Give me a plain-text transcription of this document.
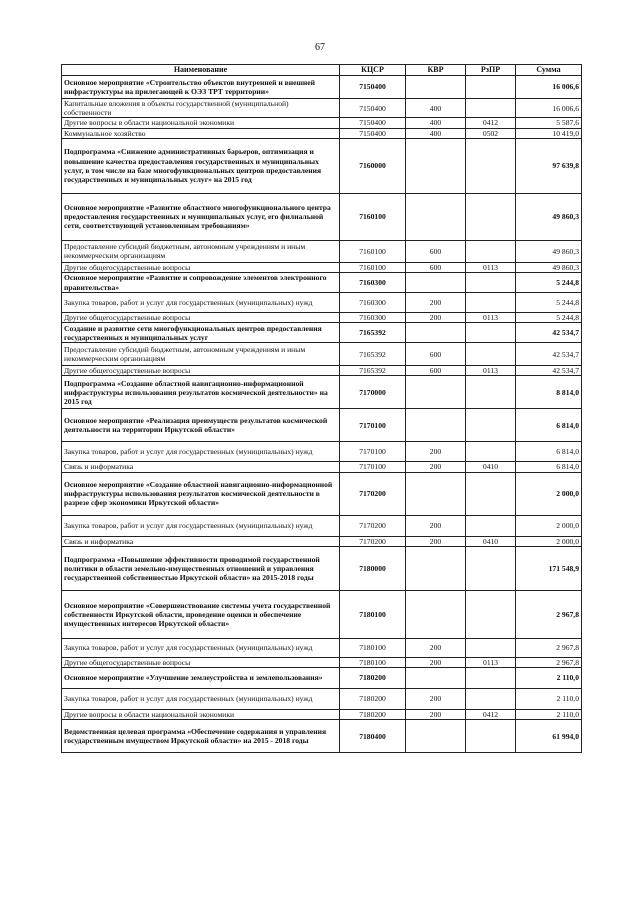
67
Наименование	КЦСР	КВР	РзПР	Сумма
Основное мероприятие «Строительство объектов внутренней и внешней инфраструктуры на прилегающей к ОЭЗ ТРТ территории»	7150400			16 006,6
Капитальные вложения в объекты государственной (муниципальной) собственности	7150400	400		16 006,6
Другие вопросы в области национальной экономики	7150400	400	0412	5 587,6
Коммунальное хозяйство	7150400	400	0502	10 419,0
Подпрограмма «Снижение административных барьеров, оптимизация и повышение качества предоставления государственных и муниципальных услуг, в том числе на базе многофункциональных центров предоставления государственных и муниципальных услуг» на 2015 год	7160000			97 639,8
Основное мероприятие «Развитие областного многофункционального центра предоставления государственных и муниципальных услуг, его филиальной сети, соответствующей установленным требованиям»	7160100			49 860,3
Предоставление субсидий бюджетным, автономным учреждениям и иным некоммерческим организациям	7160100	600		49 860,3
Другие общегосударственные вопросы	7160100	600	0113	49 860,3
Основное мероприятие «Развитие и сопровождение элементов электронного правительства»	7160300			5 244,8
Закупка товаров, работ и услуг для государственных (муниципальных) нужд	7160300	200		5 244,8
Другие общегосударственные вопросы	7160300	200	0113	5 244,8
Создание и развитие сети многофункциональных центров предоставления государственных и муниципальных услуг	7165392			42 534,7
Предоставление субсидий бюджетным, автономным учреждениям и иным некоммерческим организациям	7165392	600		42 534,7
Другие общегосударственные вопросы	7165392	600	0113	42 534,7
Подпрограмма «Создание областной навигационно-информационной инфраструктуры использования результатов космической деятельности» на 2015 год	7170000			8 814,0
Основное мероприятие «Реализация преимуществ результатов космической деятельности на территории Иркутской области»	7170100			6 814,0
Закупка товаров, работ и услуг для государственных (муниципальных) нужд	7170100	200		6 814,0
Связь и информатика	7170100	200	0410	6 814,0
Основное мероприятие «Создание областной навигационно-информационной инфраструктуры использования результатов космической деятельности в разрезе сфер экономики Иркутской области»	7170200			2 000,0
Закупка товаров, работ и услуг для государственных (муниципальных) нужд	7170200	200		2 000,0
Связь и информатика	7170200	200	0410	2 000,0
Подпрограмма «Повышение эффективности проводимой государственной политики в области земельно-имущественных отношений и управления государственной собственностью Иркутской области» на 2015-2018 годы	7180000			171 548,9
Основное мероприятие «Совершенствование системы учета государственной собственности Иркутской области, проведение оценки и обеспечение имущественных интересов Иркутской области»	7180100			2 967,8
Закупка товаров, работ и услуг для государственных (муниципальных) нужд	7180100	200		2 967,8
Другие общегосударственные вопросы	7180100	200	0113	2 967,8
Основное мероприятие «Улучшение землеустройства и землепользования»	7180200			2 110,0
Закупка товаров, работ и услуг для государственных (муниципальных) нужд	7180200	200		2 110,0
Другие вопросы в области национальной экономики	7180200	200	0412	2 110,0
Ведомственная целевая программа «Обеспечение содержания и управления государственным имуществом Иркутской области» на 2015 - 2018 годы	7180400			61 994,0
